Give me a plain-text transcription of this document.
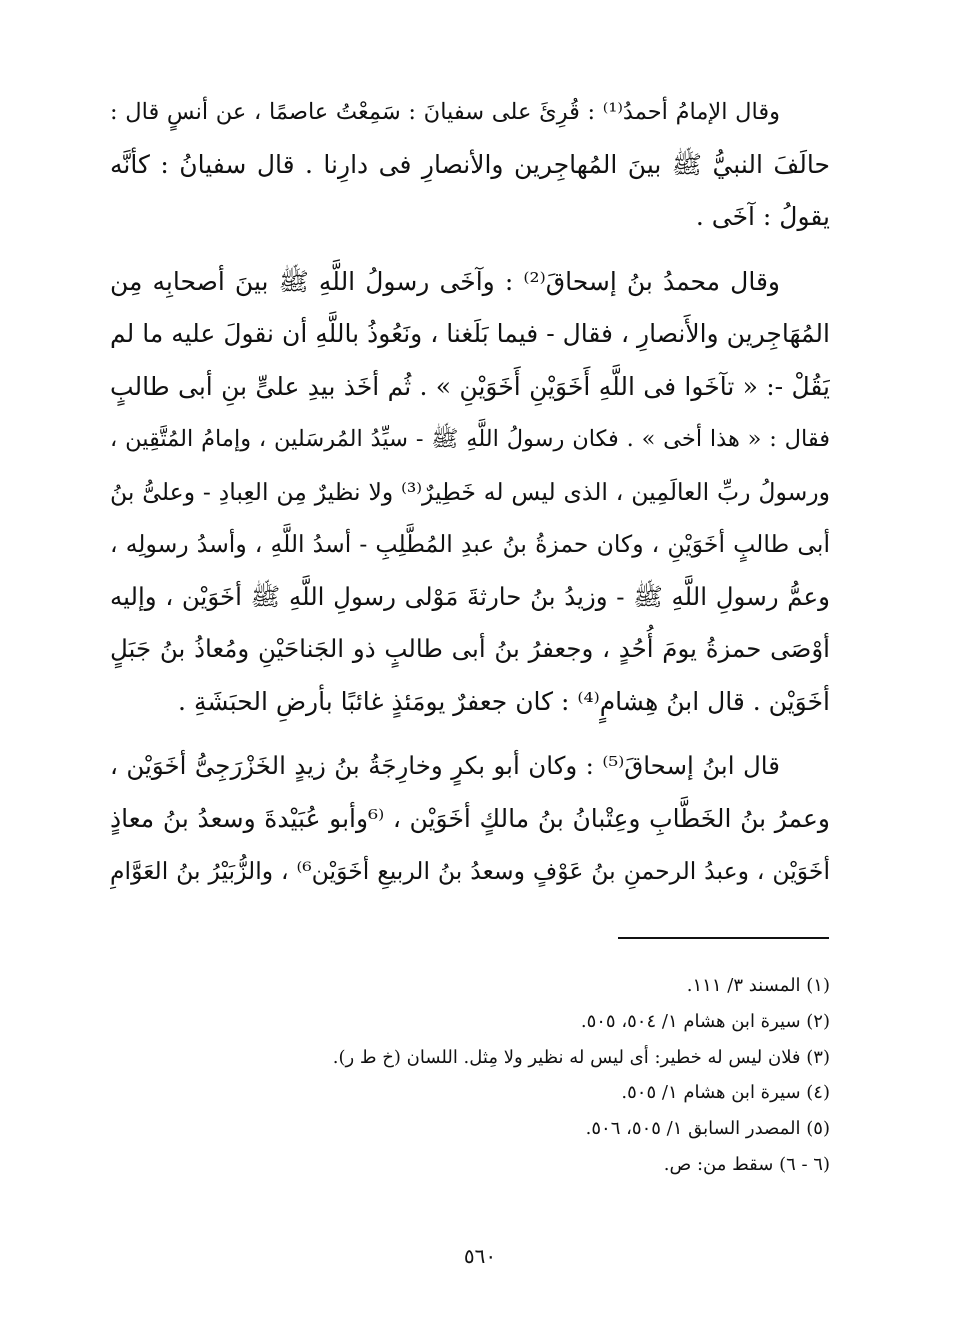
وقال الإمامُ أحمدُ⁽¹⁾ : قُرِئَ على سفيانَ : سَمِعْتُ عاصمًا ، عن أنسٍ قال :
حالَفَ النبيُّ ﷺ بينَ المُهاجِرين والأنصارِ فى دارِنا . قال سفيانُ : كأنَّه
يقولُ : آخَى .
وقال محمدُ بنُ إسحاقَ⁽²⁾ : وآخَى رسولُ اللَّهِ ﷺ بينَ أصحابِه مِن
المُهَاجِرين والأَنصارِ ، فقال - فيما بَلَغنا ، ونَعُوذُ باللَّهِ أن نقولَ عليه ما لم
يَقُلْ -: « تآخَوا فى اللَّهِ أَخَوَيْنِ أَخَوَيْنِ » . ثُم أخَذ بيدِ علىٍّ بنِ أبى طالبٍ
فقال : « هذا أخى » . فكان رسولُ اللَّهِ ﷺ - سيِّدُ المُرسَلين ، وإمامُ المُتَّقِين ،
ورسولُ ربِّ العالَمِين ، الذى ليس له خَطِيرٌ⁽³⁾ ولا نظيرٌ مِن العِبادِ - وعلىُّ بنُ
أبى طالبٍ أخَوَيْنِ ، وكان حمزةُ بنُ عبدِ المُطَّلِبِ - أسدُ اللَّهِ ، وأسدُ رسولِه ،
وعمُّ رسولِ اللَّهِ ﷺ - وزيدُ بنُ حارثةَ مَوْلى رسولِ اللَّهِ ﷺ أخَوَيْن ، وإليه
أوْصَى حمزةُ يومَ أُحُدٍ ، وجعفرُ بنُ أبى طالبٍ ذو الجَناحَيْنِ ومُعاذُ بنُ جَبَلٍ
أخَوَيْن . قال ابنُ هِشامٍ⁽⁴⁾ : كان جعفرٌ يومَئذٍ غائبًا بأرضِ الحبَشَةِ .
قال ابنُ إسحاقَ⁽⁵⁾ : وكان أبو بكرٍ وخارِجَةُ بنُ زيدٍ الخَزْرَجِىُّ أخَوَيْن ،
وعمرُ بنُ الخَطَّابِ وعِتْبانُ بنُ مالكٍ أخَوَيْن ، ⁽⁶وأبو عُبَيْدةَ وسعدُ بنُ معاذٍ
أخَوَيْن ، وعبدُ الرحمنِ بنُ عَوْفٍ وسعدُ بنُ الربيعِ أخَوَيْن⁶⁾ ، والزُّبَيْرُ بنُ العَوَّامِ
(١) المسند ٣/ ١١١.
(٢) سيرة ابن هشام ١/ ٥٠٤، ٥٠٥.
(٣) فلان ليس له خطير: أى ليس له نظير ولا مِثل. اللسان (خ ط ر).
(٤) سيرة ابن هشام ١/ ٥٠٥.
(٥) المصدر السابق ١/ ٥٠٥، ٥٠٦.
(٦ - ٦) سقط من: ص.
٥٦٠
